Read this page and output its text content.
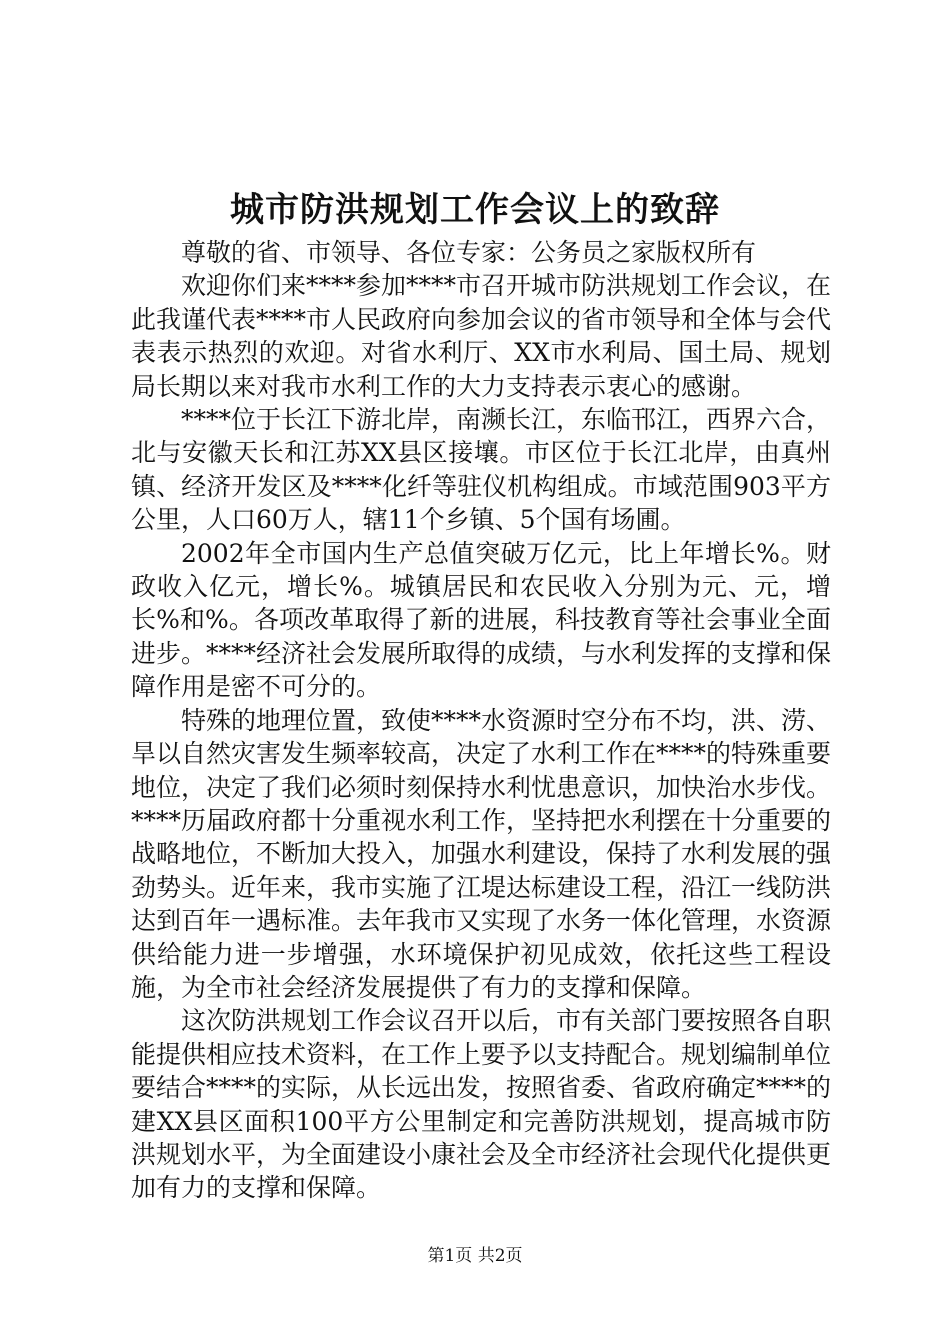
城市防洪规划工作会议上的致辞

尊敬的省、市领导、各位专家：公务员之家版权所有

欢迎你们来****参加****市召开城市防洪规划工作会议，在此我谨代表****市人民政府向参加会议的省市领导和全体与会代表表示热烈的欢迎。对省水利厅、XX市水利局、国土局、规划局长期以来对我市水利工作的大力支持表示衷心的感谢。

****位于长江下游北岸，南濒长江，东临邗江，西界六合，北与安徽天长和江苏XX县区接壤。市区位于长江北岸，由真州镇、经济开发区及****化纤等驻仪机构组成。市域范围903平方公里，人口60万人，辖11个乡镇、5个国有场圃。

2002年全市国内生产总值突破万亿元，比上年增长%。财政收入亿元，增长%。城镇居民和农民收入分别为元、元，增长%和%。各项改革取得了新的进展，科技教育等社会事业全面进步。****经济社会发展所取得的成绩，与水利发挥的支撑和保障作用是密不可分的。

特殊的地理位置，致使****水资源时空分布不均，洪、涝、旱以自然灾害发生频率较高，决定了水利工作在****的特殊重要地位，决定了我们必须时刻保持水利忧患意识，加快治水步伐。****历届政府都十分重视水利工作，坚持把水利摆在十分重要的战略地位，不断加大投入，加强水利建设，保持了水利发展的强劲势头。近年来，我市实施了江堤达标建设工程，沿江一线防洪达到百年一遇标准。去年我市又实现了水务一体化管理，水资源供给能力进一步增强，水环境保护初见成效，依托这些工程设施，为全市社会经济发展提供了有力的支撑和保障。

这次防洪规划工作会议召开以后，市有关部门要按照各自职能提供相应技术资料，在工作上要予以支持配合。规划编制单位要结合****的实际，从长远出发，按照省委、省政府确定****的建XX县区面积100平方公里制定和完善防洪规划，提高城市防洪规划水平，为全面建设小康社会及全市经济社会现代化提供更加有力的支撑和保障。

第1页 共2页
